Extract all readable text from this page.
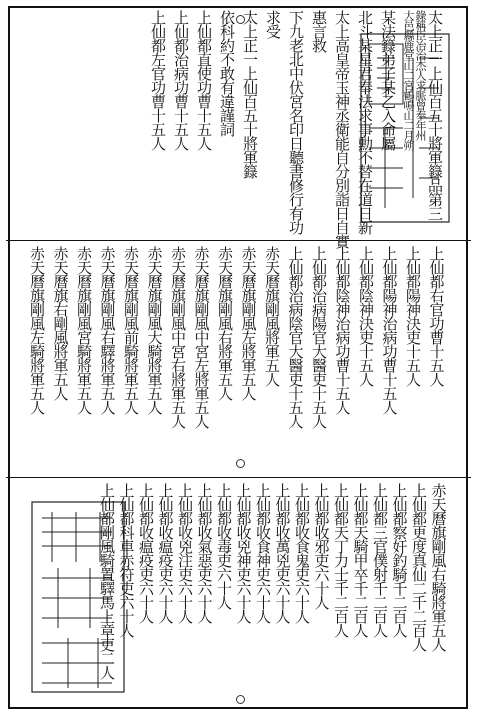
太上正一上仙百五十將軍籙品第三
錄稱臣冶治杰人求脈曾奉年州
大邑縣鹿堂山二宮鶴鳴山二月朔
某法籙弟子某乙入命屬
北斗某星君奉法求事勳不替在道日新
太上高皇帝玉神丞衛能自分別詣日自實
惠言救
下九老北中伏宮名印日聽書修行有功
求受
太上正一上仙百五十將軍籙
依科約不敢有違謹詞
上仙都直使功曹十五人
上仙都治病功曹十五人
上仙都左官功曹十五人
上仙都右官功曹十五人
上仙都陽神決吏十五人
上仙都陽神治病功曹十五人
上仙都陰神決吏十五人
上仙都陰神治病功曹十五人
上仙都治病陽官大醫吏十五人
上仙都治病陰官大醫吏十五人
赤天曆旗剛風將軍五人
赤天曆旗剛風左將軍五人
赤天曆旗剛風右將軍五人
赤天曆旗剛風中宮左將軍五人
赤天曆旗剛風中宮右將軍五人
赤天曆旗剛風大騎將軍五人
赤天曆旗剛風前騎將軍五人
赤天曆旗剛風右驛將軍五人
赤天曆旗剛風宮騎將軍五人
赤天曆旗右剛風將軍五人
赤天曆旗剛風左騎將軍五人
赤天曆旗剛風右騎將軍五人
上仙都更度真仙二千二百人
上仙都察奸釣騎千二百人
上仙都三官僕射千二百人
上仙都天騎甲卒千二百人
上仙都天丁力士千二百人
上仙都收邪吏六十人
上仙都收食鬼吏六十人
上仙都收萬兇吏六十人
上仙都收食神吏六十人
上仙都收兇神吏六十人
上仙都收毒吏六十人
上仙都收氣惡吏六十人
上仙都收兇注吏六十人
上仙都收瘟疫吏六十人
上仙都收瘟疫吏六十人
上仙都科車赤符吏六十人
上仙都剛風騎置驛馬上章吏二人
